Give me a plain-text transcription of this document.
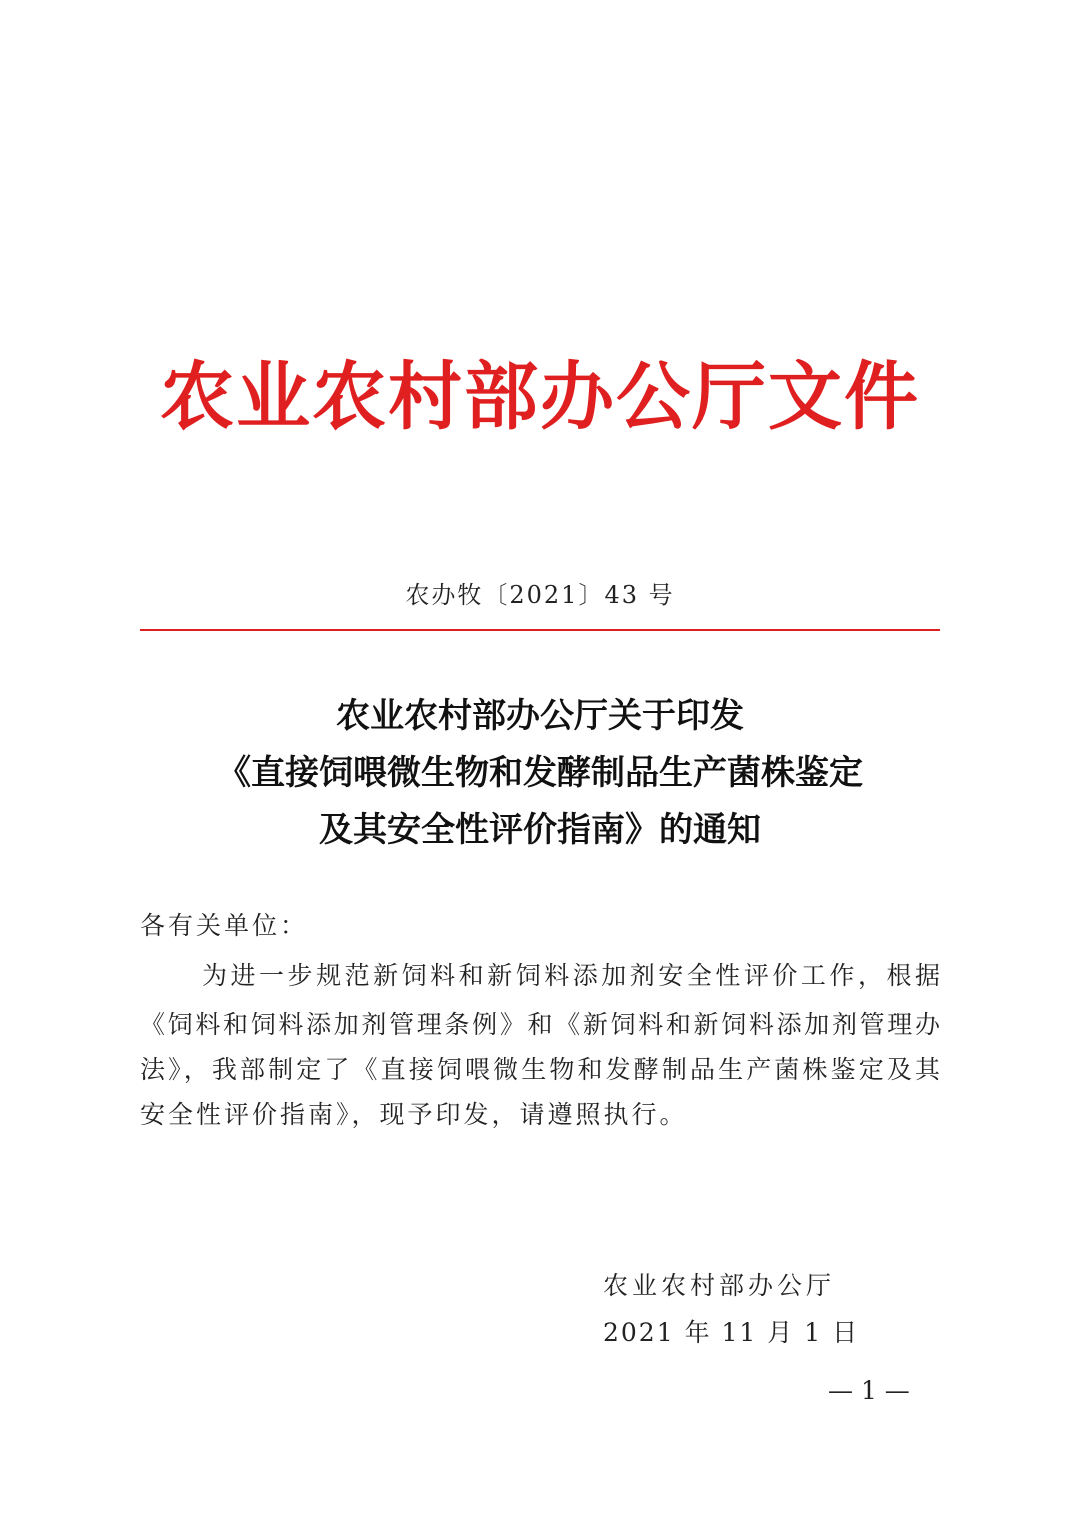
农业农村部办公厅文件
农办牧〔2021〕43 号
农业农村部办公厅关于印发
《直接饲喂微生物和发酵制品生产菌株鉴定
及其安全性评价指南》的通知
各有关单位：
为进一步规范新饲料和新饲料添加剂安全性评价工作，根据
《饲料和饲料添加剂管理条例》和《新饲料和新饲料添加剂管理办
法》，我部制定了《直接饲喂微生物和发酵制品生产菌株鉴定及其
安全性评价指南》，现予印发，请遵照执行。
农业农村部办公厅
2021 年 11 月 1 日
— 1 —
